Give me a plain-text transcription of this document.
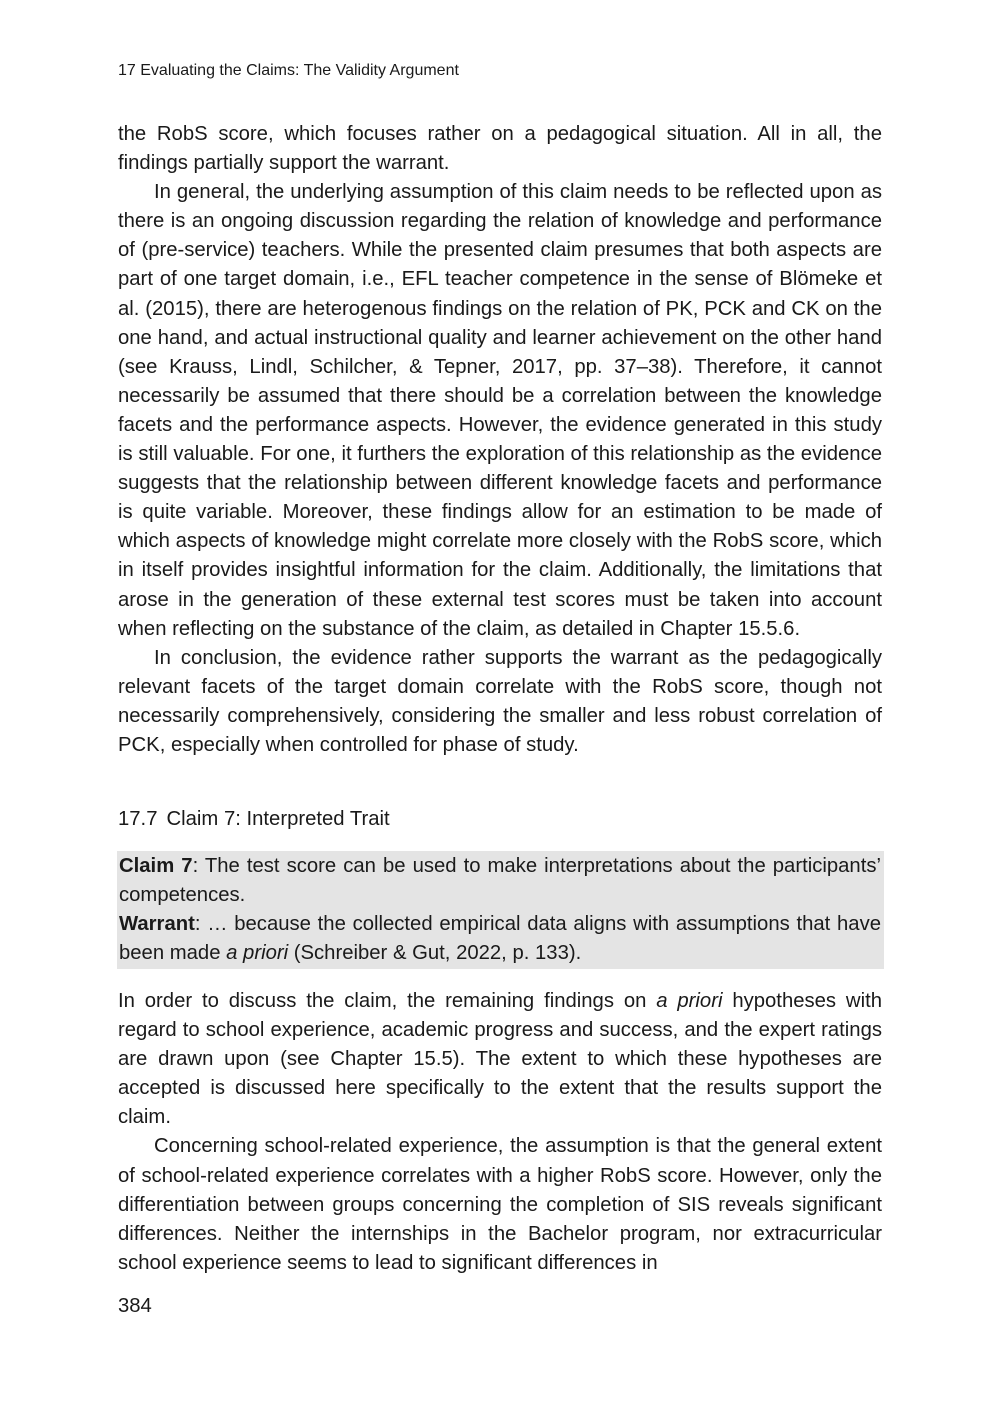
17 Evaluating the Claims: The Validity Argument

the RobS score, which focuses rather on a pedagogical situation. All in all, the findings partially support the warrant.

In general, the underlying assumption of this claim needs to be reflected upon as there is an ongoing discussion regarding the relation of knowledge and performance of (pre-service) teachers. While the presented claim presumes that both aspects are part of one target domain, i.e., EFL teacher competence in the sense of Blömeke et al. (2015), there are heterogenous findings on the relation of PK, PCK and CK on the one hand, and actual instructional quality and learner achievement on the other hand (see Krauss, Lindl, Schilcher, & Tepner, 2017, pp. 37–38). Therefore, it cannot necessarily be assumed that there should be a correlation between the knowledge facets and the performance aspects. However, the evidence generated in this study is still valuable. For one, it furthers the exploration of this relationship as the evidence suggests that the relationship between different knowledge facets and performance is quite variable. Moreover, these findings allow for an estimation to be made of which aspects of knowledge might correlate more closely with the RobS score, which in itself provides insightful information for the claim. Additionally, the limitations that arose in the generation of these external test scores must be taken into account when reflecting on the substance of the claim, as detailed in Chapter 15.5.6.

In conclusion, the evidence rather supports the warrant as the pedagogically relevant facets of the target domain correlate with the RobS score, though not necessarily comprehensively, considering the smaller and less robust correlation of PCK, especially when controlled for phase of study.

17.7 Claim 7: Interpreted Trait

Claim 7: The test score can be used to make interpretations about the participants’ competences.

Warrant: … because the collected empirical data aligns with assumptions that have been made a priori (Schreiber & Gut, 2022, p. 133).

In order to discuss the claim, the remaining findings on a priori hypotheses with regard to school experience, academic progress and success, and the expert ratings are drawn upon (see Chapter 15.5). The extent to which these hypotheses are accepted is discussed here specifically to the extent that the results support the claim.

Concerning school-related experience, the assumption is that the general extent of school-related experience correlates with a higher RobS score. However, only the differentiation between groups concerning the completion of SIS reveals significant differences. Neither the internships in the Bachelor program, nor extracurricular school experience seems to lead to significant differences in

384
